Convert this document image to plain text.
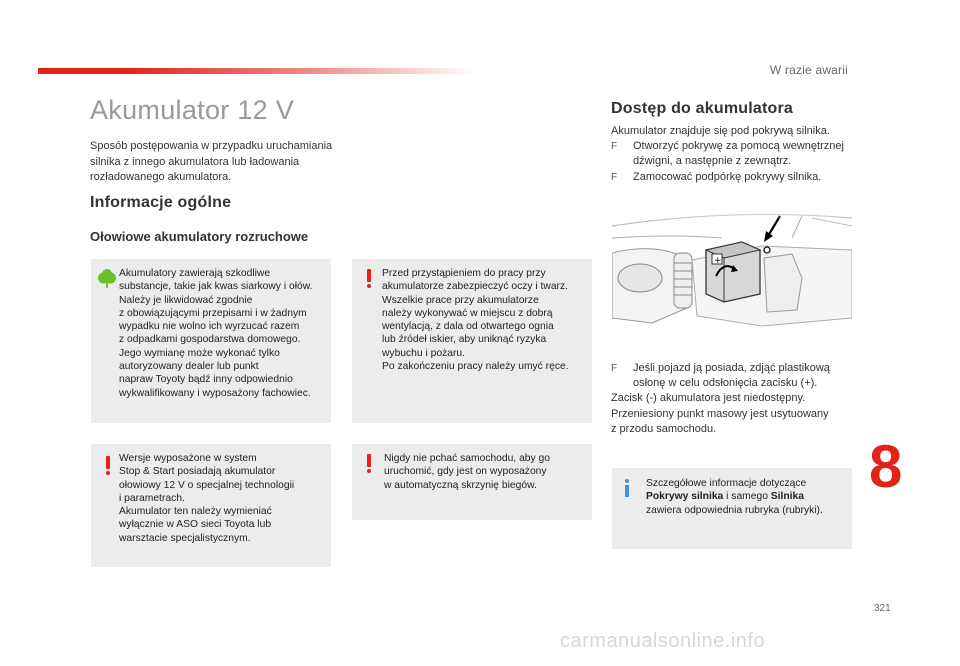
W razie awarii
Akumulator 12 V

Sposób postępowania w przypadku uruchamiania silnika z innego akumulatora lub ładowania rozładowanego akumulatora.

Informacje ogólne
Ołowiowe akumulatory rozruchowe
Akumulatory zawierają szkodliwe
substancje, takie jak kwas siarkowy i ołów.
Należy je likwidować zgodnie
z obowiązującymi przepisami i w żadnym
wypadku nie wolno ich wyrzucać razem
z odpadkami gospodarstwa domowego.
Jego wymianę może wykonać tylko
autoryzowany dealer lub punkt
napraw Toyoty bądź inny odpowiednio
wykwalifikowany i wyposażony fachowiec.
Przed przystąpieniem do pracy przy
akumulatorze zabezpieczyć oczy i twarz.
Wszelkie prace przy akumulatorze
należy wykonywać w miejscu z dobrą
wentylacją, z dala od otwartego ognia
lub źródeł iskier, aby uniknąć ryzyka
wybuchu i pożaru.
Po zakończeniu pracy należy umyć ręce.
Wersje wyposażone w system
Stop & Start posiadają akumulator
ołowiowy 12 V o specjalnej technologii
i parametrach.
Akumulator ten należy wymieniać
wyłącznie w ASO sieci Toyota lub
warsztacie specjalistycznym.
Nigdy nie pchać samochodu, aby go
uruchomić, gdy jest on wyposażony
w automatyczną skrzynię biegów.
Dostęp do akumulatora
Akumulator znajduje się pod pokrywą silnika.
F Otworzyć pokrywę za pomocą wewnętrznej
dźwigni, a następnie z zewnątrz.
F Zamocować podpórkę pokrywy silnika.
F Jeśli pojazd ją posiada, zdjąć plastikową
osłonę w celu odsłonięcia zacisku (+).
Zacisk (-) akumulatora jest niedostępny.
Przeniesiony punkt masowy jest usytuowany
z przodu samochodu.
Szczegółowe informacje dotyczące
Pokrywy silnika i samego Silnika
zawiera odpowiednia rubryka (rubryki).
8
321
carmanualsonline.info
